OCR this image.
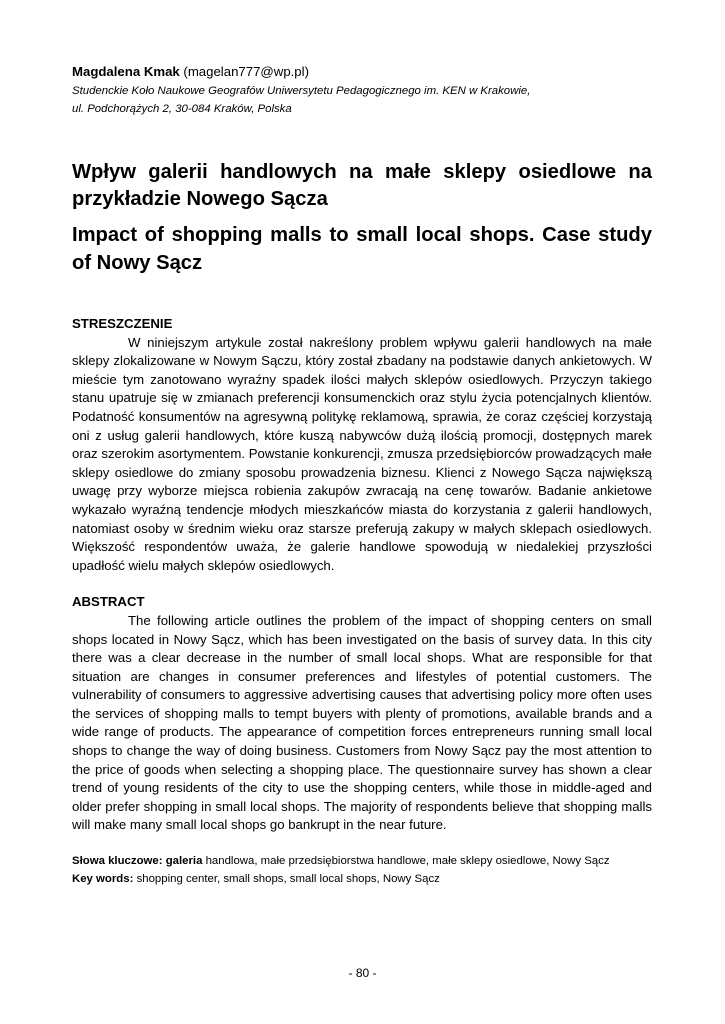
Magdalena Kmak (magelan777@wp.pl)
Studenckie Koło Naukowe Geografów Uniwersytetu Pedagogicznego im. KEN w Krakowie,
ul. Podchorążych 2, 30-084 Kraków, Polska
Wpływ galerii handlowych na małe sklepy osiedlowe na przykładzie Nowego Sącza
Impact of shopping malls to small local shops. Case study of Nowy Sącz
STRESZCZENIE

W niniejszym artykule został nakreślony problem wpływu galerii handlowych na małe sklepy zlokalizowane w Nowym Sączu, który został zbadany na podstawie danych ankietowych. W mieście tym zanotowano wyraźny spadek ilości małych sklepów osiedlowych. Przyczyn takiego stanu upatruje się w zmianach preferencji konsumenckich oraz stylu życia potencjalnych klientów. Podatność konsumentów na agresywną politykę reklamową, sprawia, że coraz częściej korzystają oni z usług galerii handlowych, które kuszą nabywców dużą ilością promocji, dostępnych marek oraz szerokim asortymentem. Powstanie konkurencji, zmusza przedsiębiorców prowadzących małe sklepy osiedlowe do zmiany sposobu prowadzenia biznesu. Klienci z Nowego Sącza największą uwagę przy wyborze miejsca robienia zakupów zwracają na cenę towarów. Badanie ankietowe wykazało wyraźną tendencje młodych mieszkańców miasta do korzystania z galerii handlowych, natomiast osoby w średnim wieku oraz starsze preferują zakupy w małych sklepach osiedlowych. Większość respondentów uważa, że galerie handlowe spowodują w niedalekiej przyszłości upadłość wielu małych sklepów osiedlowych.

ABSTRACT

The following article outlines the problem of the impact of shopping centers on small shops located in Nowy Sącz, which has been investigated on the basis of survey data. In this city there was a clear decrease in the number of small local shops. What are responsible for that situation are changes in consumer preferences and lifestyles of potential customers. The vulnerability of consumers to aggressive advertising causes that advertising policy more often uses the services of shopping malls to tempt buyers with plenty of promotions, available brands and a wide range of products. The appearance of competition forces entrepreneurs running small local shops to change the way of doing business. Customers from Nowy Sącz pay the most attention to the price of goods when selecting a shopping place. The questionnaire survey has shown a clear trend of young residents of the city to use the shopping centers, while those in middle-aged and older prefer shopping in small local shops. The majority of respondents believe that shopping malls will make many small local shops go bankrupt in the near future.

Słowa kluczowe: galeria handlowa, małe przedsiębiorstwa handlowe, małe sklepy osiedlowe, Nowy Sącz
Key words: shopping center, small shops, small local shops, Nowy Sącz
- 80 -
